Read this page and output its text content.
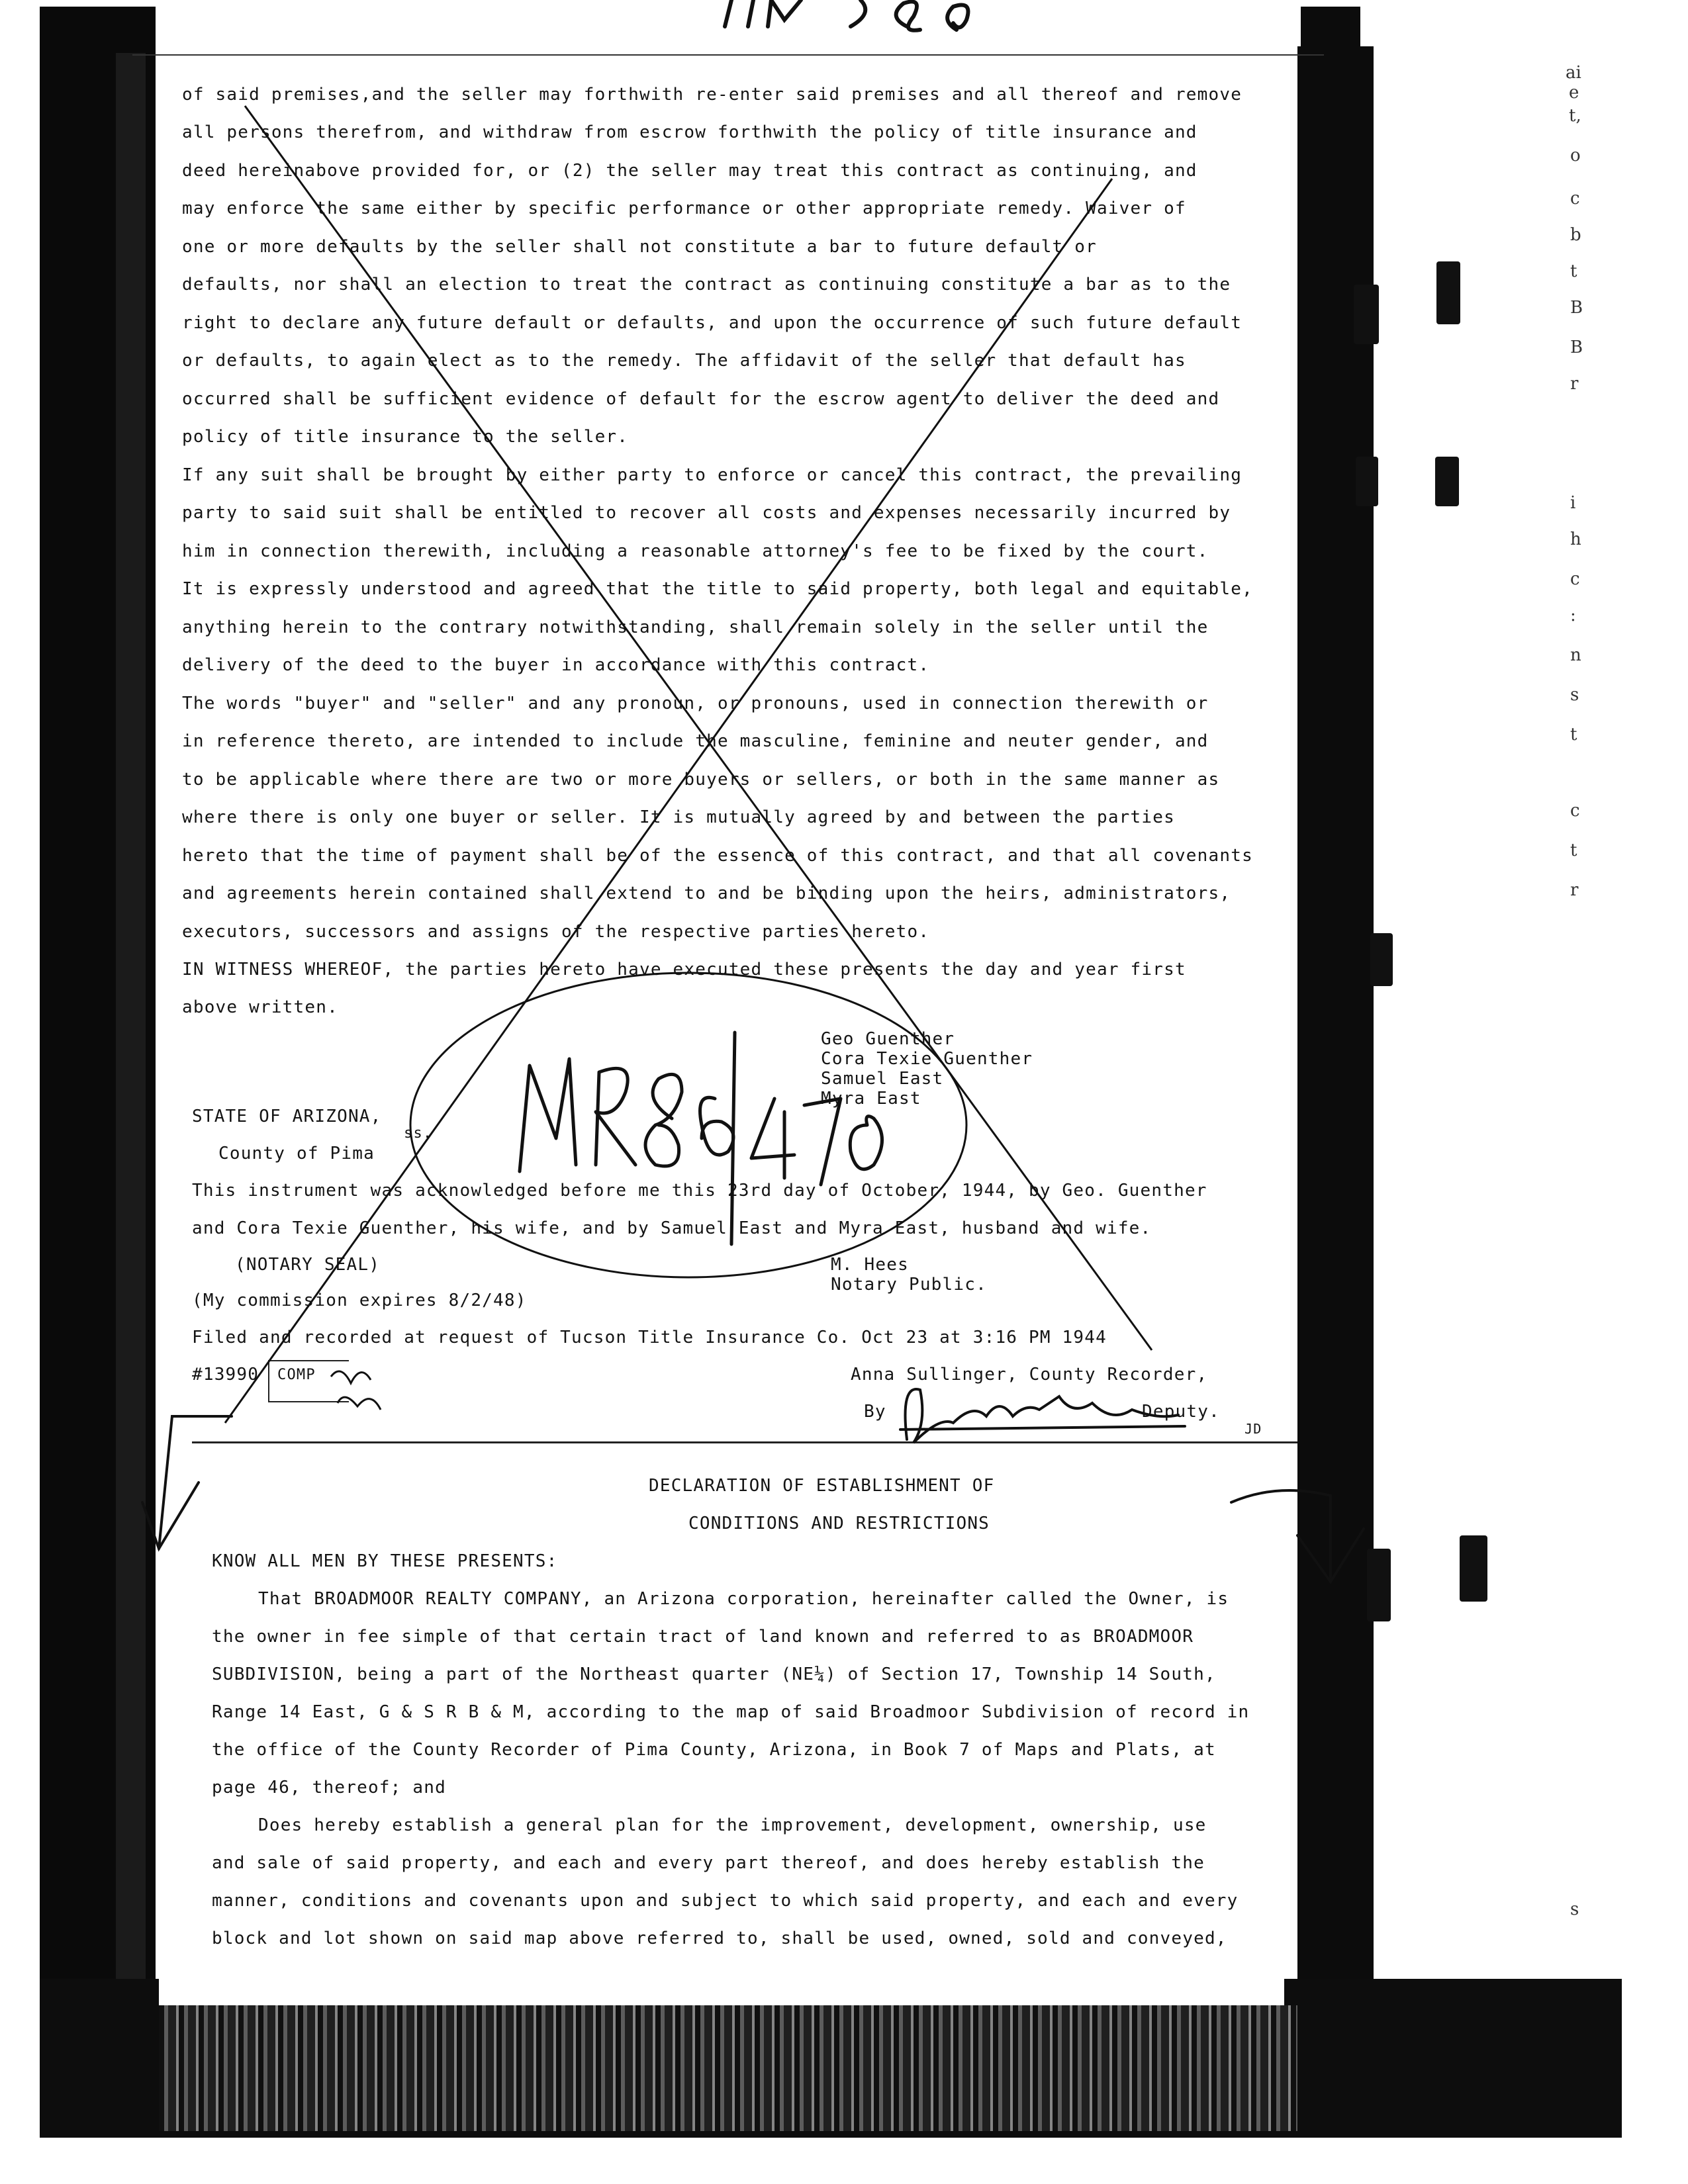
ai
e
t,
o
c
b
t
B
B
r
i
h
c
:
n
s
t
c
t
r
s
of said premises,and the seller may forthwith re-enter said premises and all thereof and remove
all persons therefrom, and withdraw from escrow forthwith the policy of title insurance and
deed hereinabove provided for, or (2) the seller may treat this contract as continuing, and
may enforce the same either by specific performance or other appropriate remedy. Waiver of
one or more defaults by the seller shall not constitute a bar to future default or
defaults, nor shall an election to treat the contract as continuing constitute a bar as to the
right to declare any future default or defaults, and upon the occurrence of such future default
or defaults, to again elect as to the remedy. The affidavit of the seller that default has
occurred shall be sufficient evidence of default for the escrow agent to deliver the deed and
policy of title insurance to the seller.
If any suit shall be brought by either party to enforce or cancel this contract, the prevailing
party to said suit shall be entitled to recover all costs and expenses necessarily incurred by
him in connection therewith, including a reasonable attorney's fee to be fixed by the court.
It is expressly understood and agreed that the title to said property, both legal and equitable,
anything herein to the contrary notwithstanding, shall remain solely in the seller until the
delivery of the deed to the buyer in accordance with this contract.
The words "buyer" and "seller" and any pronoun, or pronouns, used in connection therewith or
in reference thereto, are intended to include the masculine, feminine and neuter gender, and
to be applicable where there are two or more buyers or sellers, or both in the same manner as
where there is only one buyer or seller. It is mutually agreed by and between the parties
hereto that the time of payment shall be of the essence of this contract, and that all covenants
and agreements herein contained shall extend to and be binding upon the heirs, administrators,
executors, successors and assigns of the respective parties hereto.
IN WITNESS WHEREOF, the parties hereto have executed these presents the day and year first
above written.
Geo Guenther
Cora Texie Guenther
Samuel East
Myra East
STATE OF ARIZONA,
ss.
County of Pima
This instrument was acknowledged before me this 23rd day of October, 1944, by Geo. Guenther
and Cora Texie Guenther, his wife, and by Samuel East and Myra East, husband and wife.
(NOTARY SEAL)	M. Hees
Notary Public.
(My commission expires 8/2/48)
Filed and recorded at request of Tucson Title Insurance Co. Oct 23 at 3:16 PM 1944
#13990 COMP	Anna Sullinger, County Recorder,
By	Deputy.
JD
DECLARATION OF ESTABLISHMENT OF
CONDITIONS AND RESTRICTIONS
KNOW ALL MEN BY THESE PRESENTS:
That BROADMOOR REALTY COMPANY, an Arizona corporation, hereinafter called the Owner, is
the owner in fee simple of that certain tract of land known and referred to as BROADMOOR
SUBDIVISION, being a part of the Northeast quarter (NE¼) of Section 17, Township 14 South,
Range 14 East, G & S R B & M, according to the map of said Broadmoor Subdivision of record in
the office of the County Recorder of Pima County, Arizona, in Book 7 of Maps and Plats, at
page 46, thereof; and
Does hereby establish a general plan for the improvement, development, ownership, use
and sale of said property, and each and every part thereof, and does hereby establish the
manner, conditions and covenants upon and subject to which said property, and each and every
block and lot shown on said map above referred to, shall be used, owned, sold and conveyed,
